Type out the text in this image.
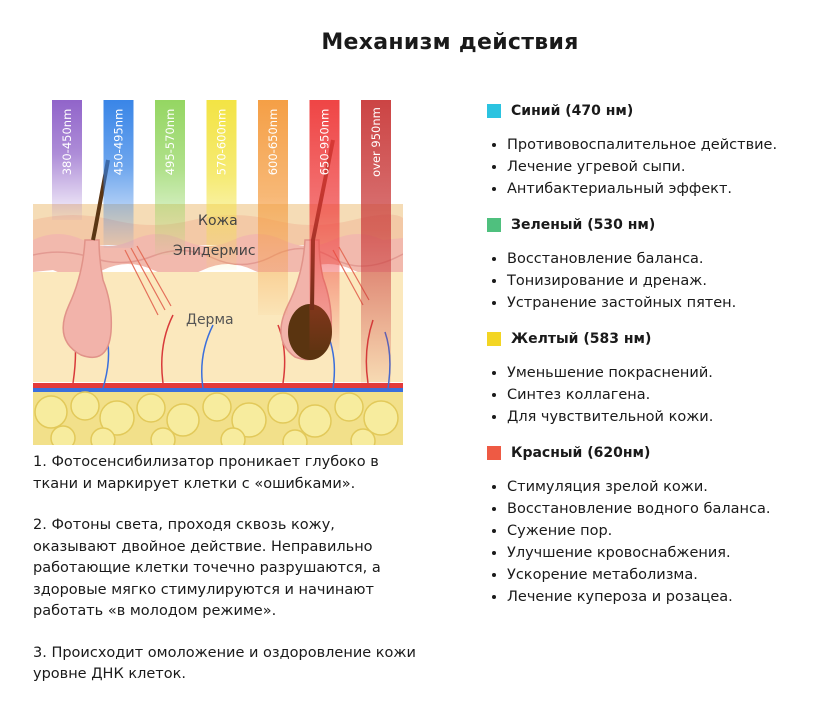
Механизм действия
380-450nm	450-495nm	495-570nm	570-600nm	600-650nm	650-950nm	over 950nm
Кожа
Эпидермис
Дерма

1. Фотосенсибилизатор проникает глубоко в ткани и маркирует клетки с «ошибками».

2. Фотоны света, проходя сквозь кожу, оказывают двойное действие. Неправильно работающие клетки точечно разрушаются, а здоровые мягко стимулируются и начинают работать «в молодом режиме».

3. Происходит омоложение и оздоровление кожи уровне ДНК клеток.

Синий (470 нм)
• Противовоспалительное действие.
• Лечение угревой сыпи.
• Антибактериальный эффект.
Зеленый (530 нм)
• Восстановление баланса.
• Тонизирование и дренаж.
• Устранение застойных пятен.
Желтый (583 нм)
• Уменьшение покраснений.
• Синтез коллагена.
• Для чувствительной кожи.
Красный (620нм)
• Стимуляция зрелой кожи.
• Восстановление водного баланса.
• Сужение пор.
• Улучшение кровоснабжения.
• Ускорение метаболизма.
• Лечение купероза и розацеа.
